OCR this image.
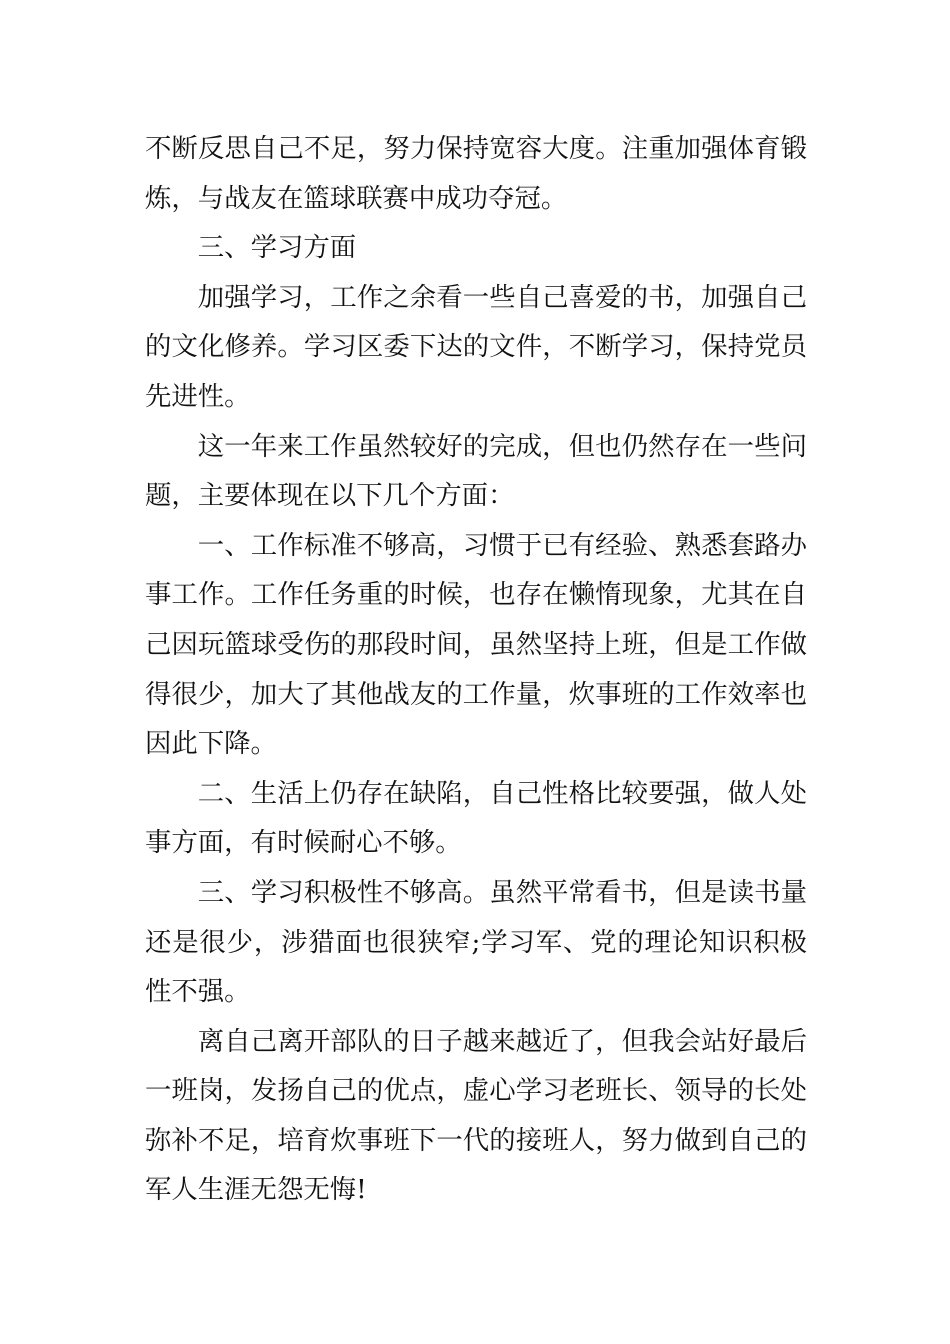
不断反思自己不足，努力保持宽容大度。注重加强体育锻炼，与战友在篮球联赛中成功夺冠。

三、学习方面

加强学习，工作之余看一些自己喜爱的书，加强自己的文化修养。学习区委下达的文件，不断学习，保持党员先进性。

这一年来工作虽然较好的完成，但也仍然存在一些问题，主要体现在以下几个方面：

一、工作标准不够高，习惯于已有经验、熟悉套路办事工作。工作任务重的时候，也存在懒惰现象，尤其在自己因玩篮球受伤的那段时间，虽然坚持上班，但是工作做得很少，加大了其他战友的工作量，炊事班的工作效率也因此下降。

二、生活上仍存在缺陷，自己性格比较要强，做人处事方面，有时候耐心不够。

三、学习积极性不够高。虽然平常看书，但是读书量还是很少，涉猎面也很狭窄;学习军、党的理论知识积极性不强。

离自己离开部队的日子越来越近了，但我会站好最后一班岗，发扬自己的优点，虚心学习老班长、领导的长处弥补不足，培育炊事班下一代的接班人，努力做到自己的军人生涯无怨无悔!
